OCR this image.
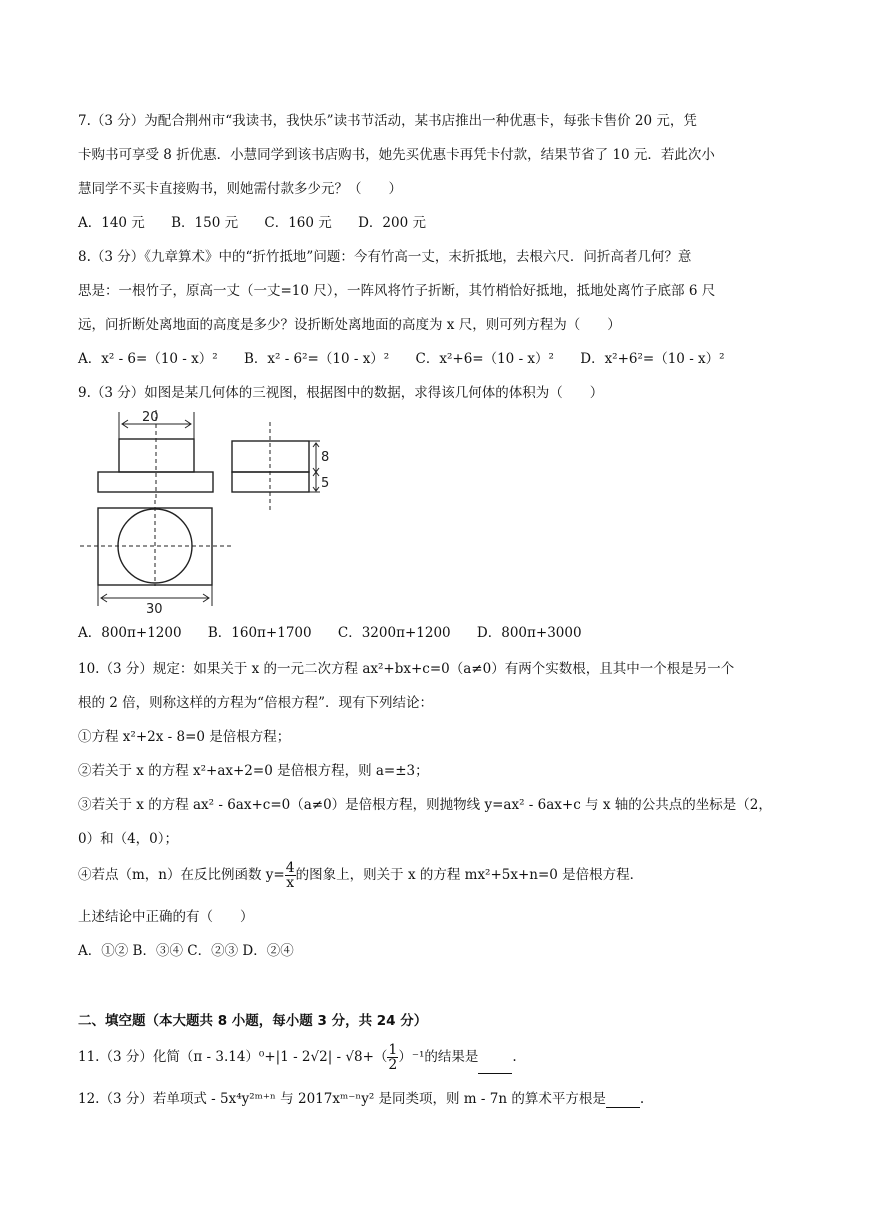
7.（3 分）为配合荆州市“我读书，我快乐”读书节活动，某书店推出一种优惠卡，每张卡售价 20 元，凭
卡购书可享受 8 折优惠．小慧同学到该书店购书，她先买优惠卡再凭卡付款，结果节省了 10 元．若此次小
慧同学不买卡直接购书，则她需付款多少元？（　　）
A．140 元 B．150 元 C．160 元 D．200 元
8.（3 分）《九章算术》中的“折竹抵地”问题：今有竹高一丈，末折抵地，去根六尺．问折高者几何？意
思是：一根竹子，原高一丈（一丈=10 尺），一阵风将竹子折断，其竹梢恰好抵地，抵地处离竹子底部 6 尺
远，问折断处离地面的高度是多少？设折断处离地面的高度为 x 尺，则可列方程为（　　）
A．x² - 6=（10 - x）² B．x² - 6²=（10 - x）² C．x²+6=（10 - x）² D．x²+6²=（10 - x）²
9.（3 分）如图是某几何体的三视图，根据图中的数据，求得该几何体的体积为（　　）
20
8
5
30
A．800π+1200 B．160π+1700 C．3200π+1200 D．800π+3000
10.（3 分）规定：如果关于 x 的一元二次方程 ax²+bx+c=0（a≠0）有两个实数根，且其中一个根是另一个
根的 2 倍，则称这样的方程为“倍根方程”．现有下列结论：
①方程 x²+2x - 8=0 是倍根方程；
②若关于 x 的方程 x²+ax+2=0 是倍根方程，则 a=±3；
③若关于 x 的方程 ax² - 6ax+c=0（a≠0）是倍根方程，则抛物线 y=ax² - 6ax+c 与 x 轴的公共点的坐标是（2，
0）和（4，0）；
④若点（m，n）在反比例函数 $y= \frac{4}{x}$ 的图象上，则关于 x 的方程 mx²+5x+n=0 是倍根方程．
上述结论中正确的有（　　）
A．①② B．③④ C．②③ D．②④
二、填空题（本大题共 8 小题，每小题 3 分，共 24 分）
11.（3 分）化简$(\pi - 3.14)^0+|1 - 2√2| - √8+( \frac{1}{2} )^{-1}$的结果是	.
12.（3 分）若单项式 - 5x⁴y²ᵐ⁺ⁿ 与 2017xᵐ⁻ⁿy² 是同类项，则 m - 7n 的算术平方根是	.
